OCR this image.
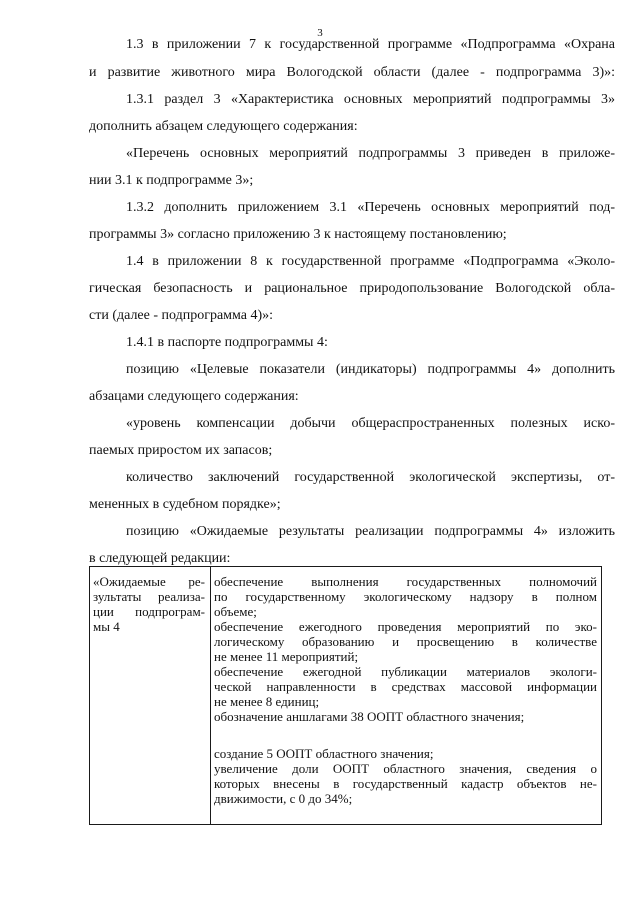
3
1.3 в приложении 7 к государственной программе «Подпрограмма «Охрана
и развитие животного мира Вологодской области (далее - подпрограмма 3)»:
1.3.1 раздел 3 «Характеристика основных мероприятий подпрограммы 3»
дополнить абзацем следующего содержания:
«Перечень основных мероприятий подпрограммы 3 приведен в приложе-
нии 3.1 к подпрограмме 3»;
1.3.2 дополнить приложением 3.1 «Перечень основных мероприятий под-
программы 3» согласно приложению 3 к настоящему постановлению;
1.4 в приложении 8 к государственной программе «Подпрограмма «Эколо-
гическая безопасность и рациональное природопользование Вологодской обла-
сти (далее - подпрограмма 4)»:
1.4.1 в паспорте подпрограммы 4:
позицию «Целевые показатели (индикаторы) подпрограммы 4» дополнить
абзацами следующего содержания:
«уровень компенсации добычи общераспространенных полезных иско-
паемых приростом их запасов;
количество заключений государственной экологической экспертизы, от-
мененных в судебном порядке»;
позицию «Ожидаемые результаты реализации подпрограммы 4» изложить
в следующей редакции:
«Ожидаемые ре-
зультаты реализа-
ции подпрограм-
мы 4
обеспечение выполнения государственных полномочий
по государственному экологическому надзору в полном
объеме;
обеспечение ежегодного проведения мероприятий по эко-
логическому образованию и просвещению в количестве
не менее 11 мероприятий;
обеспечение ежегодной публикации материалов экологи-
ческой направленности в средствах массовой информации
не менее 8 единиц;
обозначение аншлагами 38 ООПТ областного значения;
создание 5 ООПТ областного значения;
увеличение доли ООПТ областного значения, сведения о
которых внесены в государственный кадастр объектов не-
движимости, с 0 до 34%;
